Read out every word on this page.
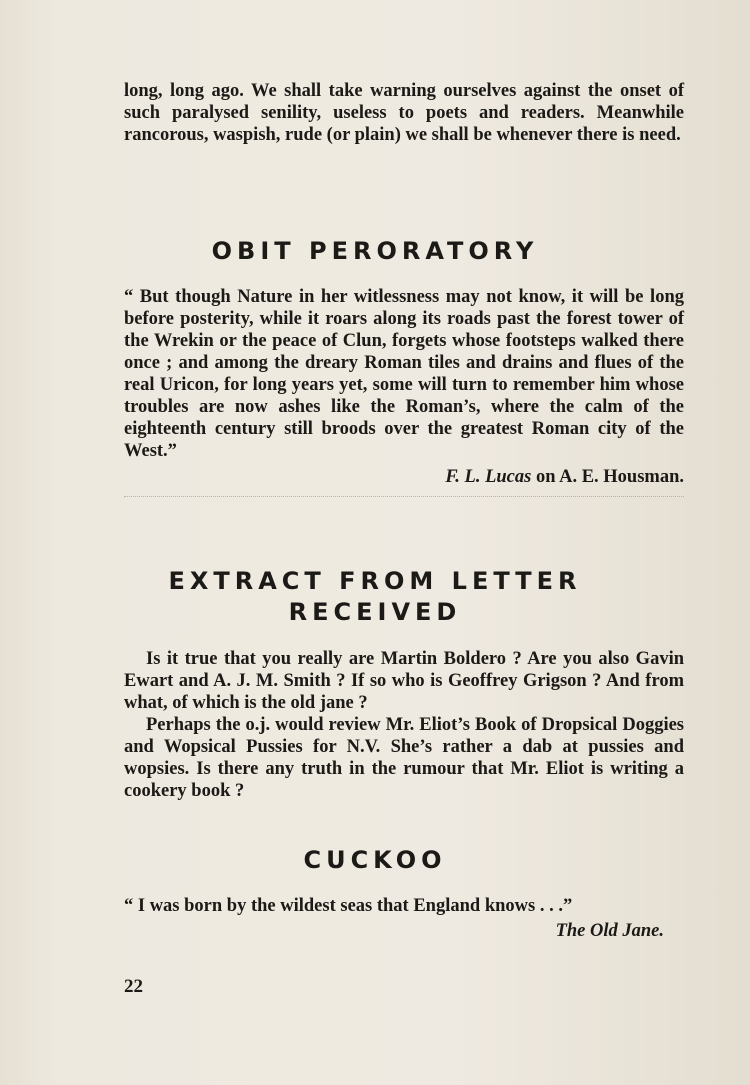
long, long ago. We shall take warning ourselves against the onset of such paralysed senility, useless to poets and readers. Meanwhile rancorous, waspish, rude (or plain) we shall be whenever there is need.

OBIT PERORATORY

“ But though Nature in her witlessness may not know, it will be long before posterity, while it roars along its roads past the forest tower of the Wrekin or the peace of Clun, forgets whose footsteps walked there once ; and among the dreary Roman tiles and drains and flues of the real Uricon, for long years yet, some will turn to remember him whose troubles are now ashes like the Roman’s, where the calm of the eighteenth century still broods over the greatest Roman city of the West.”

F. L. Lucas on A. E. Housman.

EXTRACT FROM LETTER
RECEIVED

Is it true that you really are Martin Boldero ? Are you also Gavin Ewart and A. J. M. Smith ? If so who is Geoffrey Grigson ? And from what, of which is the old jane ?

Perhaps the o.j. would review Mr. Eliot’s Book of Dropsical Doggies and Wopsical Pussies for N.V. She’s rather a dab at pussies and wopsies. Is there any truth in the rumour that Mr. Eliot is writing a cookery book ?

CUCKOO

“ I was born by the wildest seas that England knows . . .”

The Old Jane.

22
